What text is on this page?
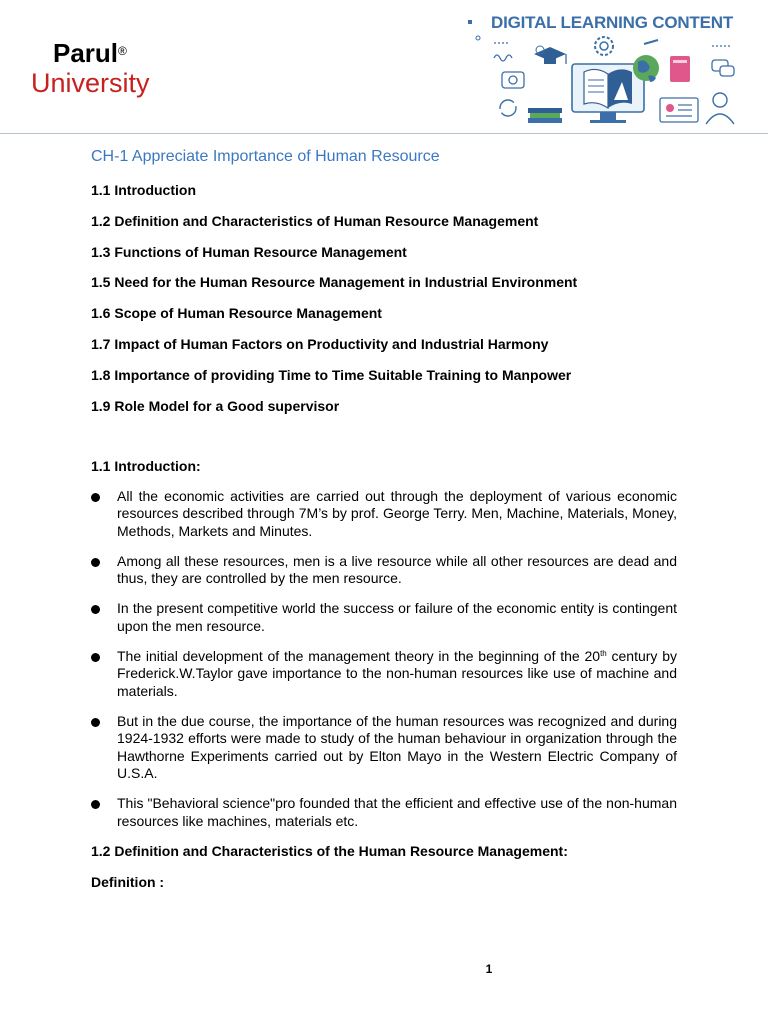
Parul®
University
DIGITAL LEARNING CONTENT
CH-1 Appreciate Importance of Human Resource
1.1 Introduction
1.2 Definition and Characteristics of Human Resource Management
1.3 Functions of Human Resource Management
1.5 Need for the Human Resource Management in Industrial Environment
1.6 Scope of Human Resource Management
1.7 Impact of Human Factors on Productivity and Industrial Harmony
1.8 Importance of providing Time to Time Suitable Training to Manpower
1.9 Role Model for a Good supervisor
1.1 Introduction:
All the economic activities are carried out through the deployment of various economic resources described through 7M’s by prof. George Terry. Men, Machine, Materials, Money, Methods, Markets and Minutes.
Among all these resources, men is a live resource while all other resources are dead and thus, they are controlled by the men resource.
In the present competitive world the success or failure of the economic entity is contingent upon the men resource.
The initial development of the management theory in the beginning of the 20th century by Frederick.W.Taylor gave importance to the non-human resources like use of machine and materials.
But in the due course, the importance of the human resources was recognized and during 1924-1932 efforts were made to study of the human behaviour in organization through the Hawthorne Experiments carried out by Elton Mayo in the Western Electric Company of U.S.A.
This "Behavioral science"pro founded that the efficient and effective use of the non-human resources like machines, materials etc.
1.2 Definition and Characteristics of the Human Resource Management:
Definition :
1
